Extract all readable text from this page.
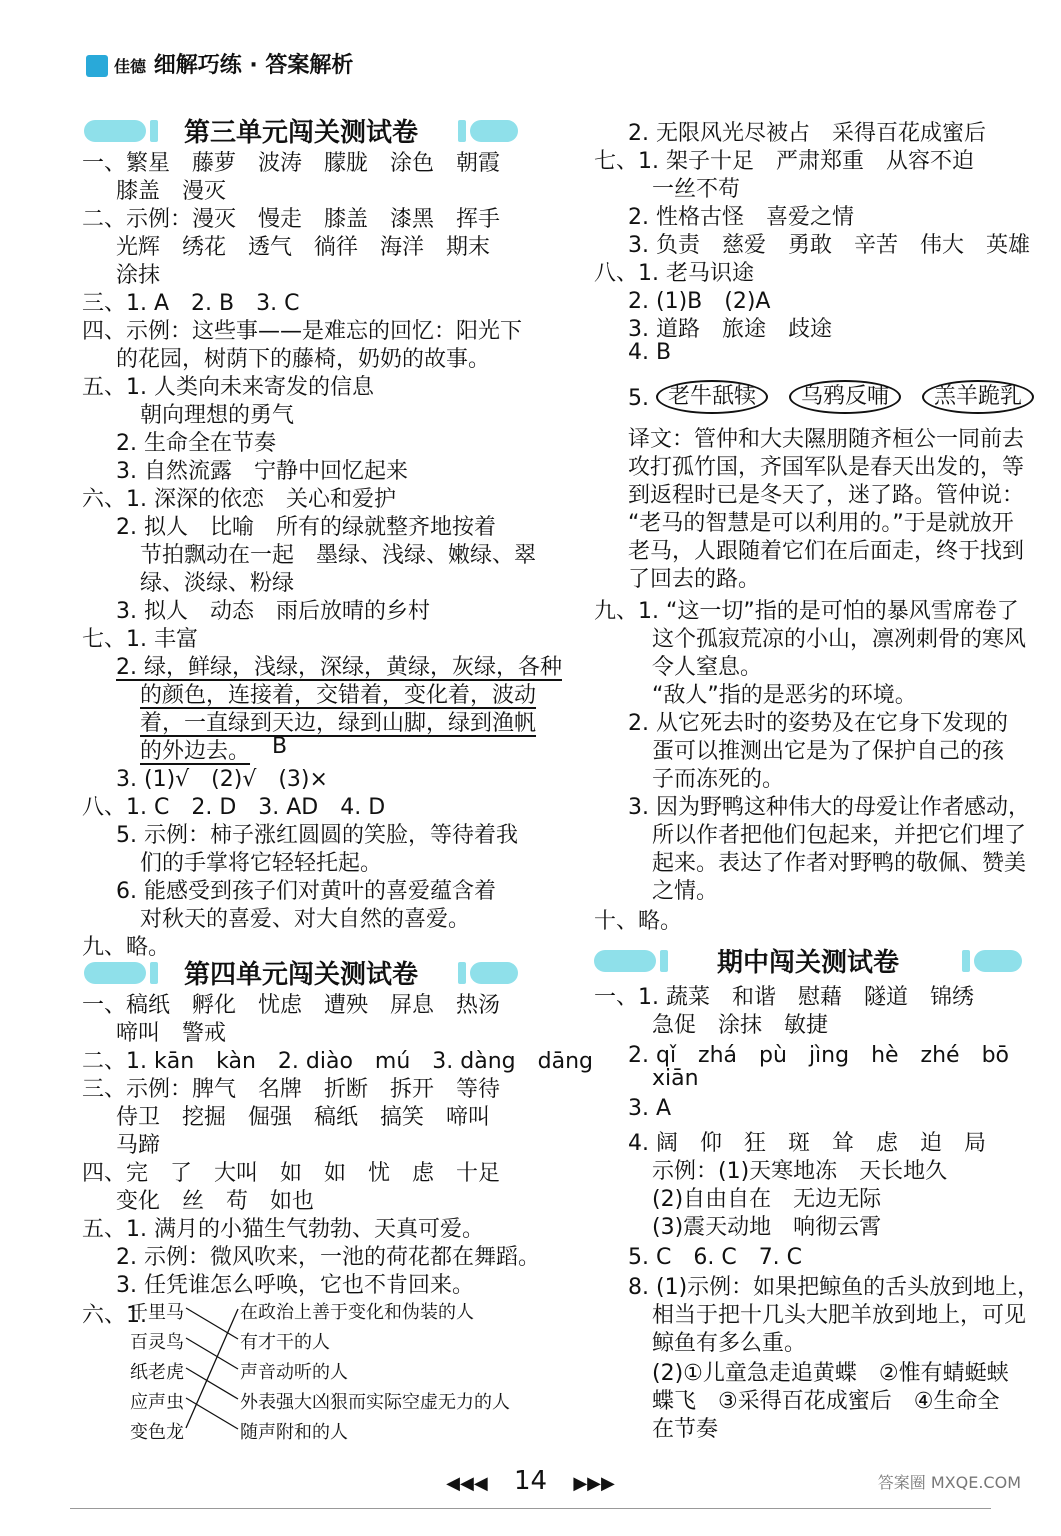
佳德 细解巧练 · 答案解析
第三单元闯关测试卷
一、繁星　藤萝　波涛　朦胧　涂色　朝霞
膝盖　漫灭
二、示例：漫灭　慢走　膝盖　漆黑　挥手
光辉　绣花　透气　徜徉　海洋　期末
涂抹
三、1. A　2. B　3. C
四、示例：这些事——是难忘的回忆：阳光下
的花园，树荫下的藤椅，奶奶的故事。
五、1. 人类向未来寄发的信息
朝向理想的勇气
2. 生命全在节奏
3. 自然流露　宁静中回忆起来
六、1. 深深的依恋　关心和爱护
2. 拟人　比喻　所有的绿就整齐地按着
节拍飘动在一起　墨绿、浅绿、嫩绿、翠
绿、淡绿、粉绿
3. 拟人　动态　雨后放晴的乡村
七、1. 丰富
2. 绿，鲜绿，浅绿，深绿，黄绿，灰绿，各种
的颜色，连接着，交错着，变化着，波动
着，一直绿到天边，绿到山脚，绿到渔帆
的外边去。 B
3. (1)√　(2)√　(3)×
八、1. C　2. D　3. AD　4. D
5. 示例：柿子涨红圆圆的笑脸，等待着我
们的手掌将它轻轻托起。
6. 能感受到孩子们对黄叶的喜爱蕴含着
对秋天的喜爱、对大自然的喜爱。
九、略。
第四单元闯关测试卷
一、稿纸　孵化　忧虑　遭殃　屏息　热汤
啼叫　警戒
二、1. kān　kàn　2. diào　mú　3. dàng　dāng
三、示例：脾气　名牌　折断　拆开　等待
侍卫　挖掘　倔强　稿纸　搞笑　啼叫
马蹄
四、完　了　大叫　如　如　忧　虑　十足
变化　丝　苟　如也
五、1. 满月的小猫生气勃勃、天真可爱。
2. 示例：微风吹来，一池的荷花都在舞蹈。
3. 任凭谁怎么呼唤，它也不肯回来。
六、1.
千里马
百灵鸟
纸老虎
应声虫
变色龙
在政治上善于变化和伪装的人
有才干的人
声音动听的人
外表强大凶狠而实际空虚无力的人
随声附和的人
2. 无限风光尽被占　采得百花成蜜后
七、1. 架子十足　严肃郑重　从容不迫
一丝不苟
2. 性格古怪　喜爱之情
3. 负责　慈爱　勇敢　辛苦　伟大　英雄
八、1. 老马识途
2. (1)B　(2)A
3. 道路　旅途　歧途
4. B
5. 老牛舐犊 乌鸦反哺 羔羊跪乳
译文：管仲和大夫隰朋随齐桓公一同前去
攻打孤竹国，齐国军队是春天出发的，等
到返程时已是冬天了，迷了路。管仲说：
“老马的智慧是可以利用的。”于是就放开
老马，人跟随着它们在后面走，终于找到
了回去的路。
九、1. “这一切”指的是可怕的暴风雪席卷了
这个孤寂荒凉的小山，凛冽刺骨的寒风
令人窒息。
“敌人”指的是恶劣的环境。
2. 从它死去时的姿势及在它身下发现的
蛋可以推测出它是为了保护自己的孩
子而冻死的。
3. 因为野鸭这种伟大的母爱让作者感动，
所以作者把他们包起来，并把它们埋了
起来。表达了作者对野鸭的敬佩、赞美
之情。
十、略。
期中闯关测试卷
一、1. 蔬菜　和谐　慰藉　隧道　锦绣
急促　涂抹　敏捷
2. qǐ　zhá　pù　jìng　hè　zhé　bō
xiān
3. A
4. 阔　仰　狂　斑　耸　虑　迫　局
示例：(1)天寒地冻　天长地久
(2)自由自在　无边无际
(3)震天动地　响彻云霄
5. C　6. C　7. C
8. (1)示例：如果把鲸鱼的舌头放到地上，
相当于把十几头大肥羊放到地上，可见
鲸鱼有多么重。
(2)①儿童急走追黄蝶　②惟有蜻蜓蛱
蝶飞　③采得百花成蜜后　④生命全
在节奏
◀◀◀ 14 ▶▶▶	答案圈 MXQE.COM
